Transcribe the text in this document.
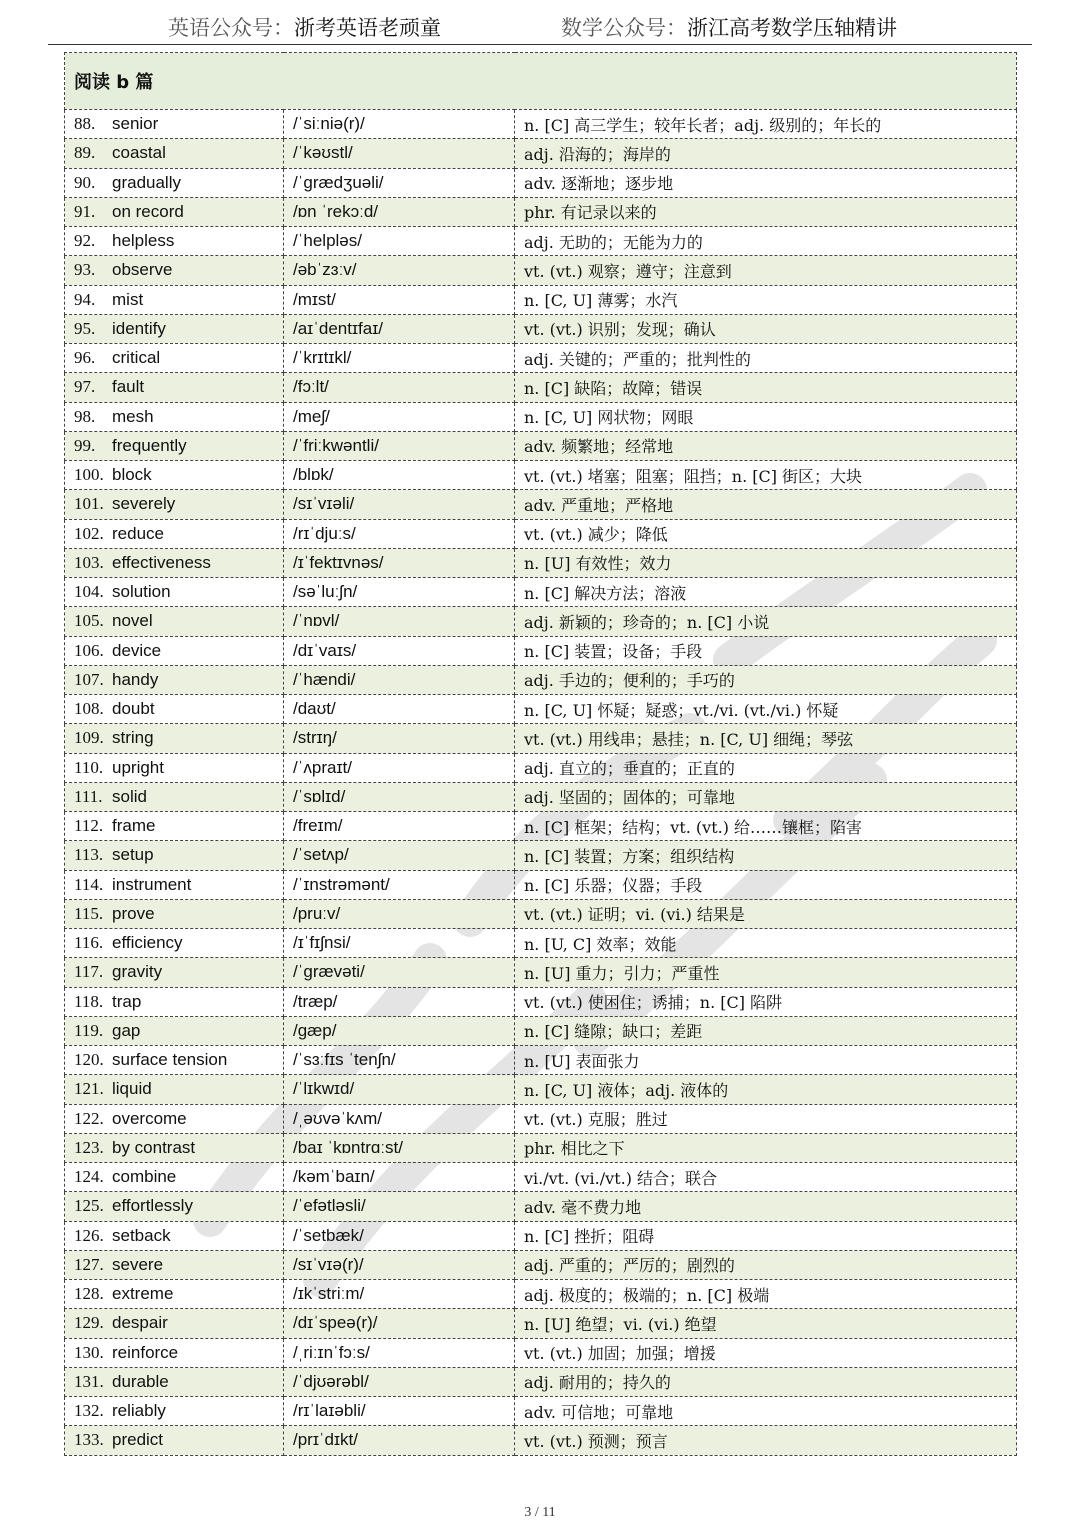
英语公众号：浙考英语老顽童	数学公众号：浙江高考数学压轴精讲
阅读 b 篇		
88. senior	/ˈsiːniə(r)/	n. [C] 高三学生；较年长者；adj. 级别的；年长的
89. coastal	/ˈkəʊstl/	adj. 沿海的；海岸的
90. gradually	/ˈɡrædʒuəli/	adv. 逐渐地；逐步地
91. on record	/ɒn ˈrekɔːd/	phr. 有记录以来的
92. helpless	/ˈhelpləs/	adj. 无助的；无能为力的
93. observe	/əbˈzɜːv/	vt. (vt.) 观察；遵守；注意到
94. mist	/mɪst/	n. [C, U] 薄雾；水汽
95. identify	/aɪˈdentɪfaɪ/	vt. (vt.) 识别；发现；确认
96. critical	/ˈkrɪtɪkl/	adj. 关键的；严重的；批判性的
97. fault	/fɔːlt/	n. [C] 缺陷；故障；错误
98. mesh	/meʃ/	n. [C, U] 网状物；网眼
99. frequently	/ˈfriːkwəntli/	adv. 频繁地；经常地
100. block	/blɒk/	vt. (vt.) 堵塞；阻塞；阻挡；n. [C] 街区；大块
101. severely	/sɪˈvɪəli/	adv. 严重地；严格地
102. reduce	/rɪˈdjuːs/	vt. (vt.) 减少；降低
103. effectiveness	/ɪˈfektɪvnəs/	n. [U] 有效性；效力
104. solution	/səˈluːʃn/	n. [C] 解决方法；溶液
105. novel	/ˈnɒvl/	adj. 新颖的；珍奇的；n. [C] 小说
106. device	/dɪˈvaɪs/	n. [C] 装置；设备；手段
107. handy	/ˈhændi/	adj. 手边的；便利的；手巧的
108. doubt	/daʊt/	n. [C, U] 怀疑；疑惑；vt./vi. (vt./vi.) 怀疑
109. string	/strɪŋ/	vt. (vt.) 用线串；悬挂；n. [C, U] 细绳；琴弦
110. upright	/ˈʌpraɪt/	adj. 直立的；垂直的；正直的
111. solid	/ˈsɒlɪd/	adj. 坚固的；固体的；可靠地
112. frame	/freɪm/	n. [C] 框架；结构；vt. (vt.) 给……镶框；陷害
113. setup	/ˈsetʌp/	n. [C] 装置；方案；组织结构
114. instrument	/ˈɪnstrəmənt/	n. [C] 乐器；仪器；手段
115. prove	/pruːv/	vt. (vt.) 证明；vi. (vi.) 结果是
116. efficiency	/ɪˈfɪʃnsi/	n. [U, C] 效率；效能
117. gravity	/ˈɡrævəti/	n. [U] 重力；引力；严重性
118. trap	/træp/	vt. (vt.) 使困住；诱捕；n. [C] 陷阱
119. gap	/ɡæp/	n. [C] 缝隙；缺口；差距
120. surface tension	/ˈsɜːfɪs ˈtenʃn/	n. [U] 表面张力
121. liquid	/ˈlɪkwɪd/	n. [C, U] 液体；adj. 液体的
122. overcome	/ˌəʊvəˈkʌm/	vt. (vt.) 克服；胜过
123. by contrast	/baɪ ˈkɒntrɑːst/	phr. 相比之下
124. combine	/kəmˈbaɪn/	vi./vt. (vi./vt.) 结合；联合
125. effortlessly	/ˈefətləsli/	adv. 毫不费力地
126. setback	/ˈsetbæk/	n. [C] 挫折；阻碍
127. severe	/sɪˈvɪə(r)/	adj. 严重的；严厉的；剧烈的
128. extreme	/ɪkˈstriːm/	adj. 极度的；极端的；n. [C] 极端
129. despair	/dɪˈspeə(r)/	n. [U] 绝望；vi. (vi.) 绝望
130. reinforce	/ˌriːɪnˈfɔːs/	vt. (vt.) 加固；加强；增援
131. durable	/ˈdjʊərəbl/	adj. 耐用的；持久的
132. reliably	/rɪˈlaɪəbli/	adv. 可信地；可靠地
133. predict	/prɪˈdɪkt/	vt. (vt.) 预测；预言
3 / 11
